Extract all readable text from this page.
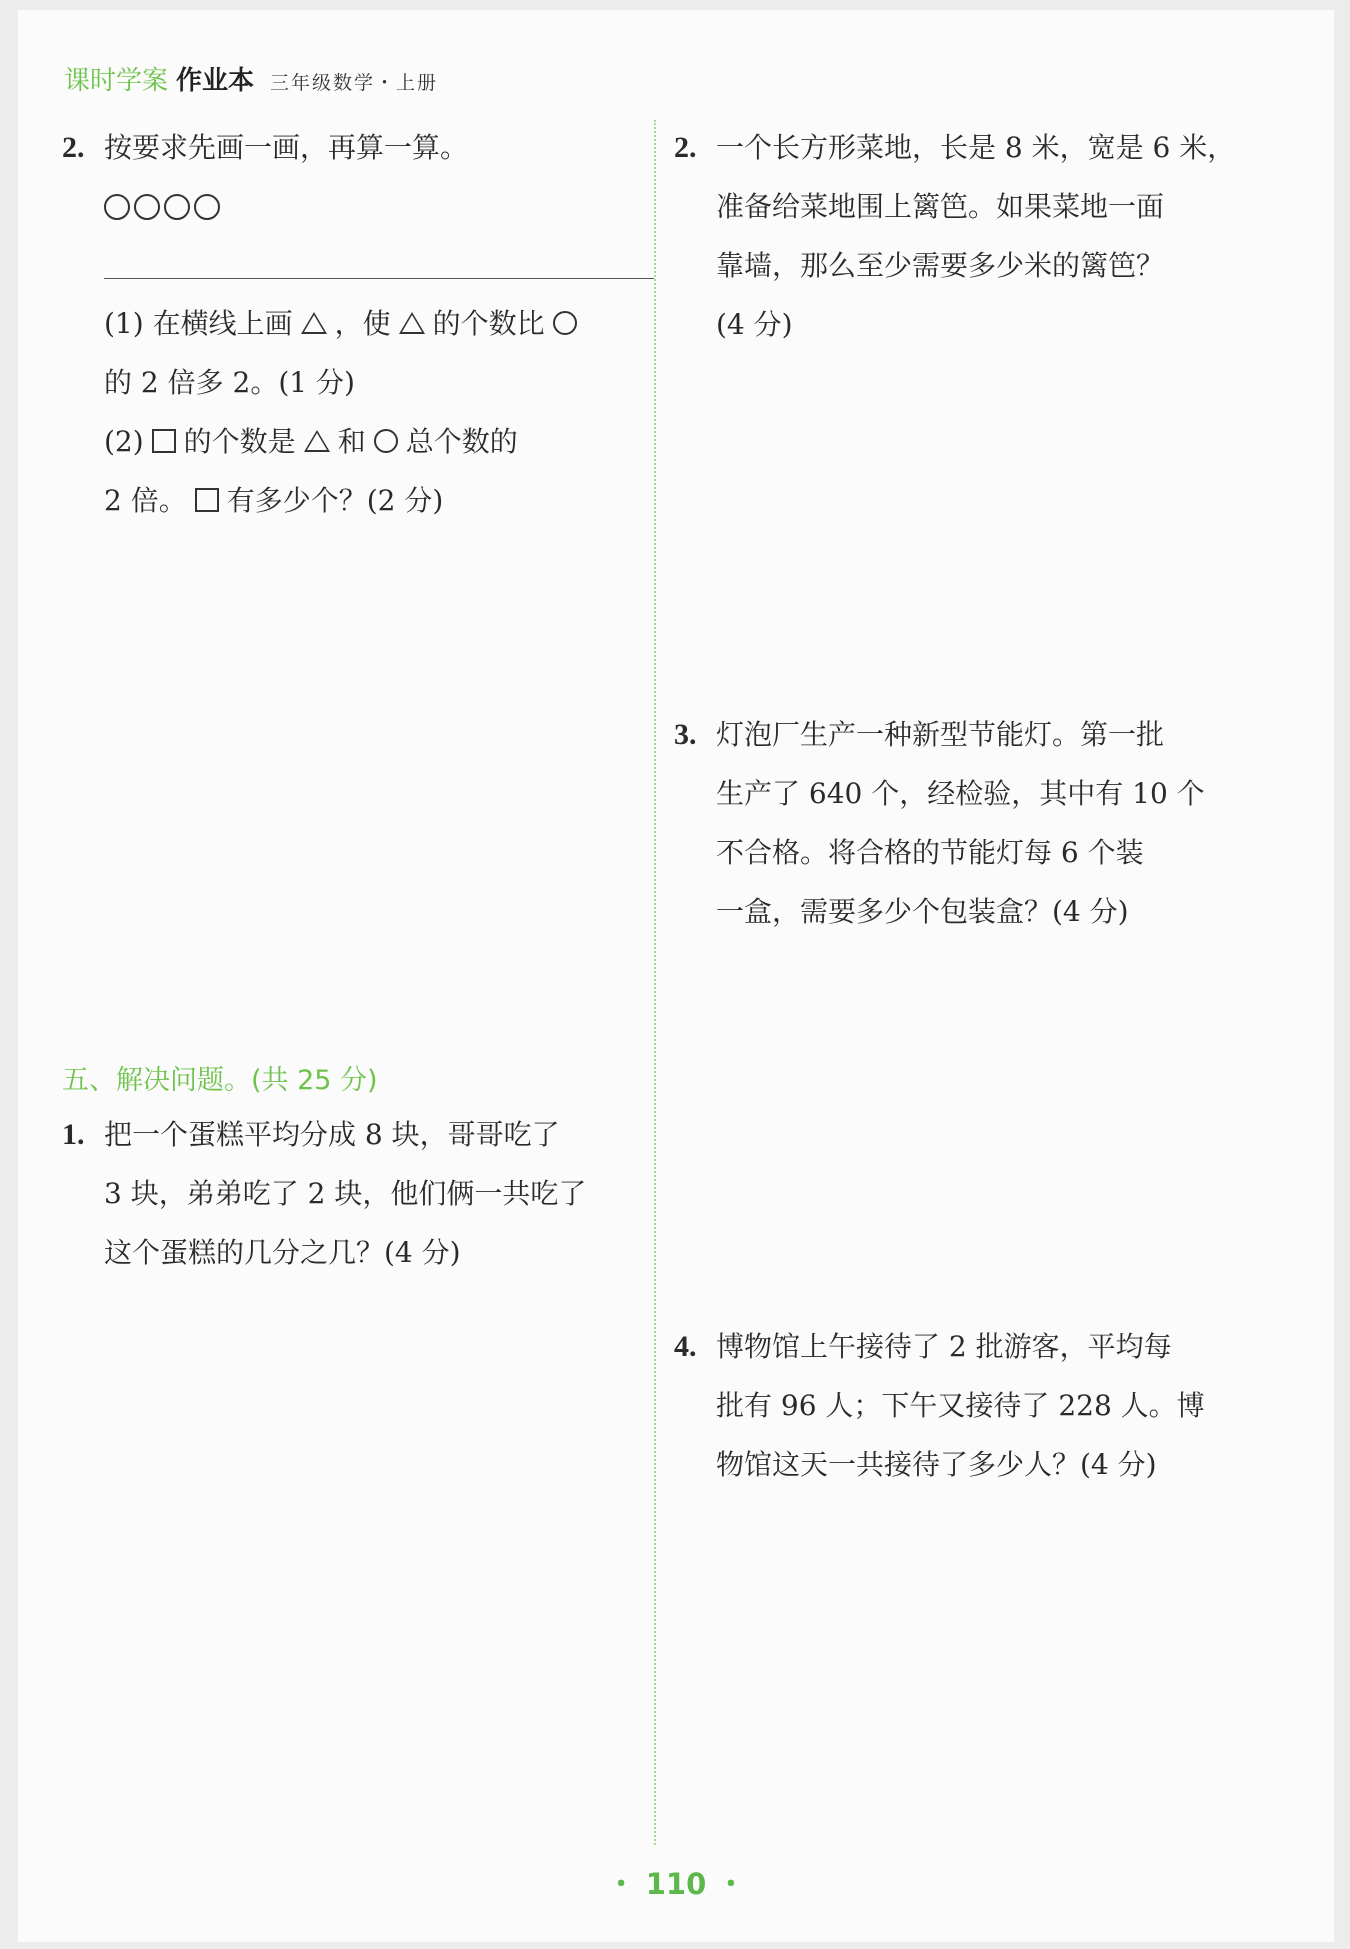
课时学案 作业本 三年级数学・上册
2. 按要求先画一画，再算一算。

(1) 在横线上画 ，使 的个数比

的 2 倍多 2。(1 分)

(2) 的个数是 和 总个数的

2 倍。 有多少个？(2 分)

五、解决问题。(共 25 分)
1. 把一个蛋糕平均分成 8 块，哥哥吃了

3 块，弟弟吃了 2 块，他们俩一共吃了

这个蛋糕的几分之几？(4 分)

2. 一个长方形菜地，长是 8 米，宽是 6 米，

准备给菜地围上篱笆。如果菜地一面

靠墙，那么至少需要多少米的篱笆？

(4 分)

3. 灯泡厂生产一种新型节能灯。第一批

生产了 640 个，经检验，其中有 10 个

不合格。将合格的节能灯每 6 个装

一盒，需要多少个包装盒？(4 分)

4. 博物馆上午接待了 2 批游客，平均每

批有 96 人；下午又接待了 228 人。博

物馆这天一共接待了多少人？(4 分)

・ 110 ・
